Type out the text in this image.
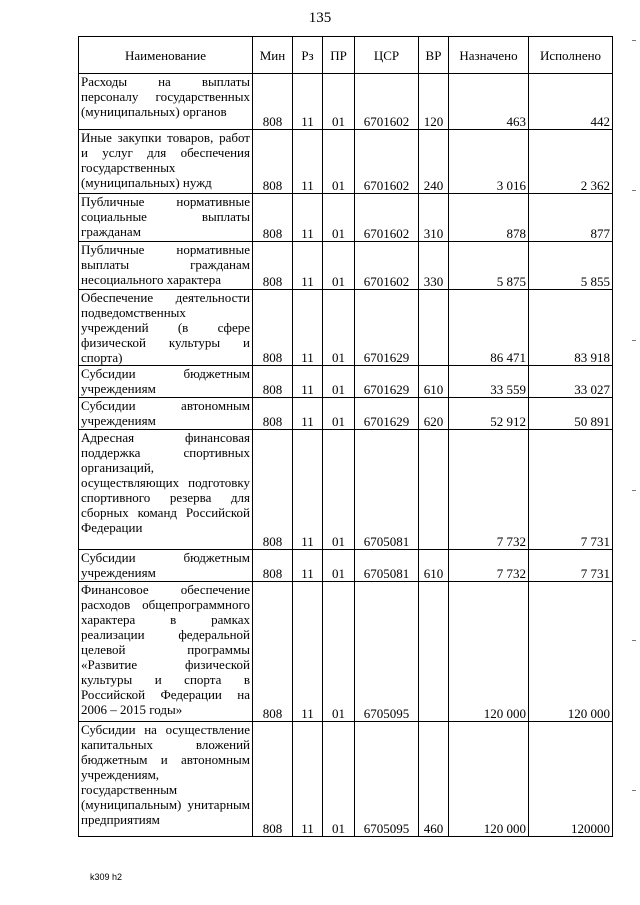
135
Наименование	Мин	Рз	ПР	ЦСР	ВР	Назначено	Исполнено
Расходы на выплаты персоналу государственных (муниципальных) органов	808	11	01	6701602	120	463	442
Иные закупки товаров, работ и услуг для обеспечения государственных (муниципальных) нужд	808	11	01	6701602	240	3 016	2 362
Публичные нормативные социальные выплаты гражданам	808	11	01	6701602	310	878	877
Публичные нормативные выплаты гражданам несоциального характера	808	11	01	6701602	330	5 875	5 855
Обеспечение деятельности подведомственных учреждений (в сфере физической культуры и спорта)	808	11	01	6701629		86 471	83 918
Субсидии бюджетным учреждениям	808	11	01	6701629	610	33 559	33 027
Субсидии автономным учреждениям	808	11	01	6701629	620	52 912	50 891
Адресная финансовая поддержка спортивных организаций, осуществляющих подготовку спортивного резерва для сборных команд Российской Федерации	808	11	01	6705081		7 732	7 731
Субсидии бюджетным учреждениям	808	11	01	6705081	610	7 732	7 731
Финансовое обеспечение расходов общепрограммного характера в рамках реализации федеральной целевой программы «Развитие физической культуры и спорта в Российской Федерации на 2006 – 2015 годы»	808	11	01	6705095		120 000	120 000
Субсидии на осуществление капитальных вложений бюджетным и автономным учреждениям, государственным (муниципальным) унитарным предприятиям	808	11	01	6705095	460	120 000	120000
k309 h2
